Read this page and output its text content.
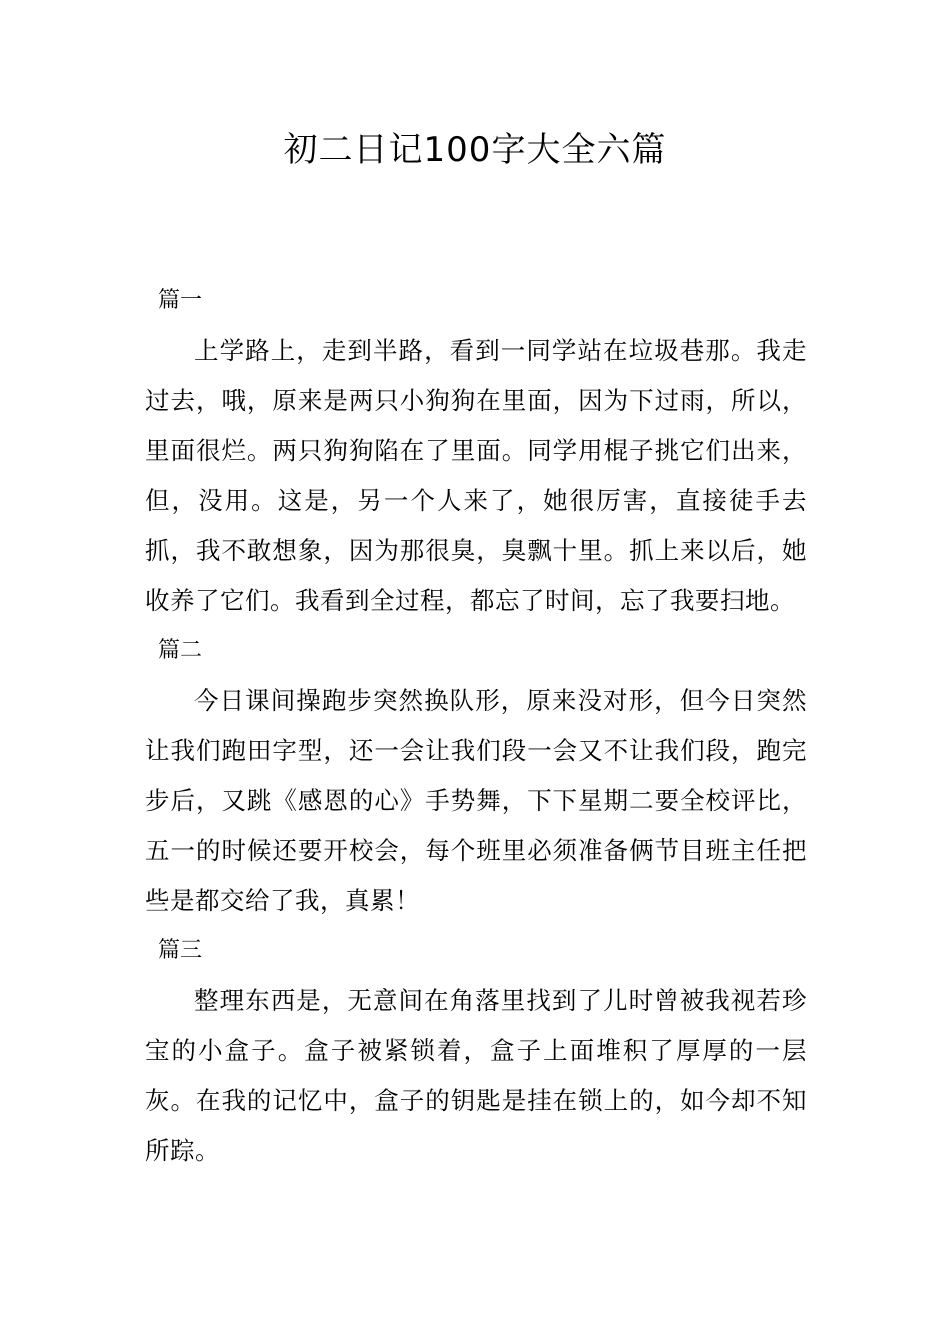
初二日记100字大全六篇

篇一

上学路上，走到半路，看到一同学站在垃圾巷那。我走过去，哦，原来是两只小狗狗在里面，因为下过雨，所以，里面很烂。两只狗狗陷在了里面。同学用棍子挑它们出来，但，没用。这是，另一个人来了，她很厉害，直接徒手去抓，我不敢想象，因为那很臭，臭飘十里。抓上来以后，她收养了它们。我看到全过程，都忘了时间，忘了我要扫地。

篇二

今日课间操跑步突然换队形，原来没对形，但今日突然让我们跑田字型，还一会让我们段一会又不让我们段，跑完步后，又跳《感恩的心》手势舞，下下星期二要全校评比，五一的时候还要开校会，每个班里必须准备俩节目班主任把些是都交给了我，真累！

篇三

整理东西是，无意间在角落里找到了儿时曾被我视若珍宝的小盒子。盒子被紧锁着，盒子上面堆积了厚厚的一层灰。在我的记忆中，盒子的钥匙是挂在锁上的，如今却不知所踪。
